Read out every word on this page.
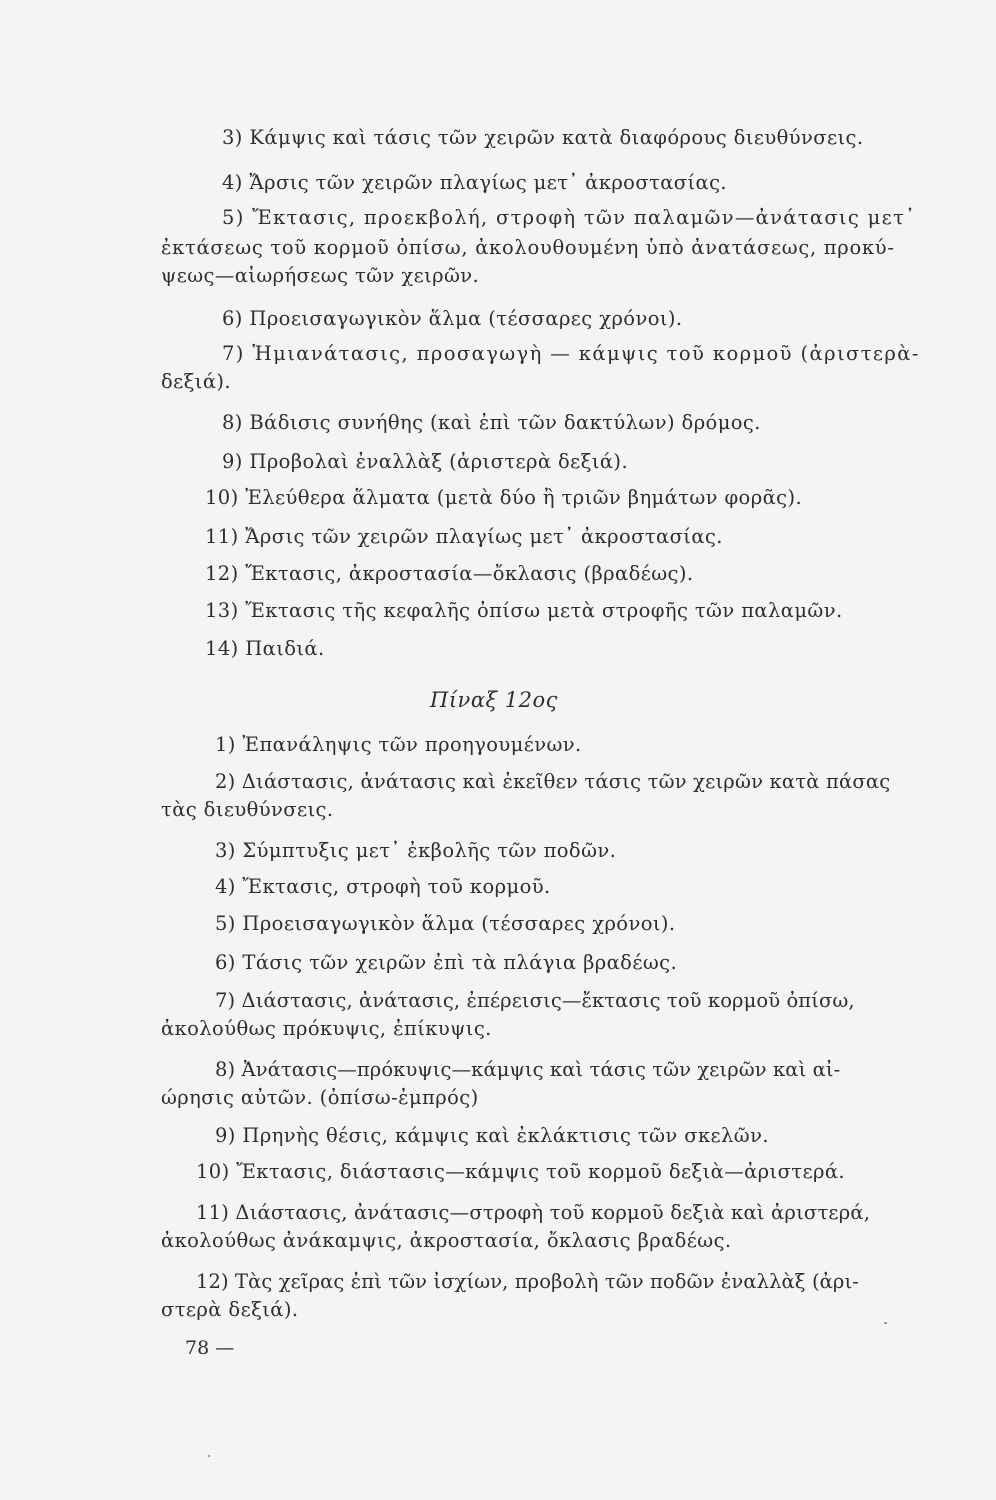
3) Κάμψις καὶ τάσις τῶν χειρῶν κατὰ διαφόρους διευθύνσεις.
4) Ἄρσις τῶν χειρῶν πλαγίως μετ᾽ ἀκροστασίας.
5) Ἔκτασις, προεκβολή, στροφὴ τῶν παλαμῶν—ἀνάτασις μετ᾽
ἐκτάσεως τοῦ κορμοῦ ὀπίσω, ἀκολουθουμένη ὑπὸ ἀνατάσεως, προκύ-
ψεως—αἰωρήσεως τῶν χειρῶν.
6) Προεισαγωγικὸν ἅλμα (τέσσαρες χρόνοι).
7) Ἡμιανάτασις, προσαγωγὴ — κάμψις τοῦ κορμοῦ (ἀριστερὰ-
δεξιά).
8) Βάδισις συνήθης (καὶ ἐπὶ τῶν δακτύλων) δρόμος.
9) Προβολαὶ ἐναλλὰξ (ἀριστερὰ δεξιά).
10) Ἐλεύθερα ἅλματα (μετὰ δύο ἢ τριῶν βημάτων φορᾶς).
11) Ἄρσις τῶν χειρῶν πλαγίως μετ᾽ ἀκροστασίας.
12) Ἔκτασις, ἀκροστασία—ὄκλασις (βραδέως).
13) Ἔκτασις τῆς κεφαλῆς ὀπίσω μετὰ στροφῆς τῶν παλαμῶν.
14) Παιδιά.
Πίναξ 12ος
1) Ἐπανάληψις τῶν προηγουμένων.
2) Διάστασις, ἀνάτασις καὶ ἐκεῖθεν τάσις τῶν χειρῶν κατὰ πάσας
τὰς διευθύνσεις.
3) Σύμπτυξις μετ᾽ ἐκβολῆς τῶν ποδῶν.
4) Ἔκτασις, στροφὴ τοῦ κορμοῦ.
5) Προεισαγωγικὸν ἅλμα (τέσσαρες χρόνοι).
6) Τάσις τῶν χειρῶν ἐπὶ τὰ πλάγια βραδέως.
7) Διάστασις, ἀνάτασις, ἐπέρεισις—ἔκτασις τοῦ κορμοῦ ὀπίσω,
ἀκολούθως πρόκυψις, ἐπίκυψις.
8) Ἀνάτασις—πρόκυψις—κάμψις καὶ τάσις τῶν χειρῶν καὶ αἰ-
ώρησις αὐτῶν. (ὀπίσω-ἐμπρός)
9) Πρηνὴς θέσις, κάμψις καὶ ἐκλάκτισις τῶν σκελῶν.
10) Ἔκτασις, διάστασις—κάμψις τοῦ κορμοῦ δεξιὰ—ἀριστερά.
11) Διάστασις, ἀνάτασις—στροφὴ τοῦ κορμοῦ δεξιὰ καὶ ἀριστερά,
ἀκολούθως ἀνάκαμψις, ἀκροστασία, ὄκλασις βραδέως.
12) Τὰς χεῖρας ἐπὶ τῶν ἰσχίων, προβολὴ τῶν ποδῶν ἐναλλὰξ (ἀρι-
στερὰ δεξιά).
78 —
